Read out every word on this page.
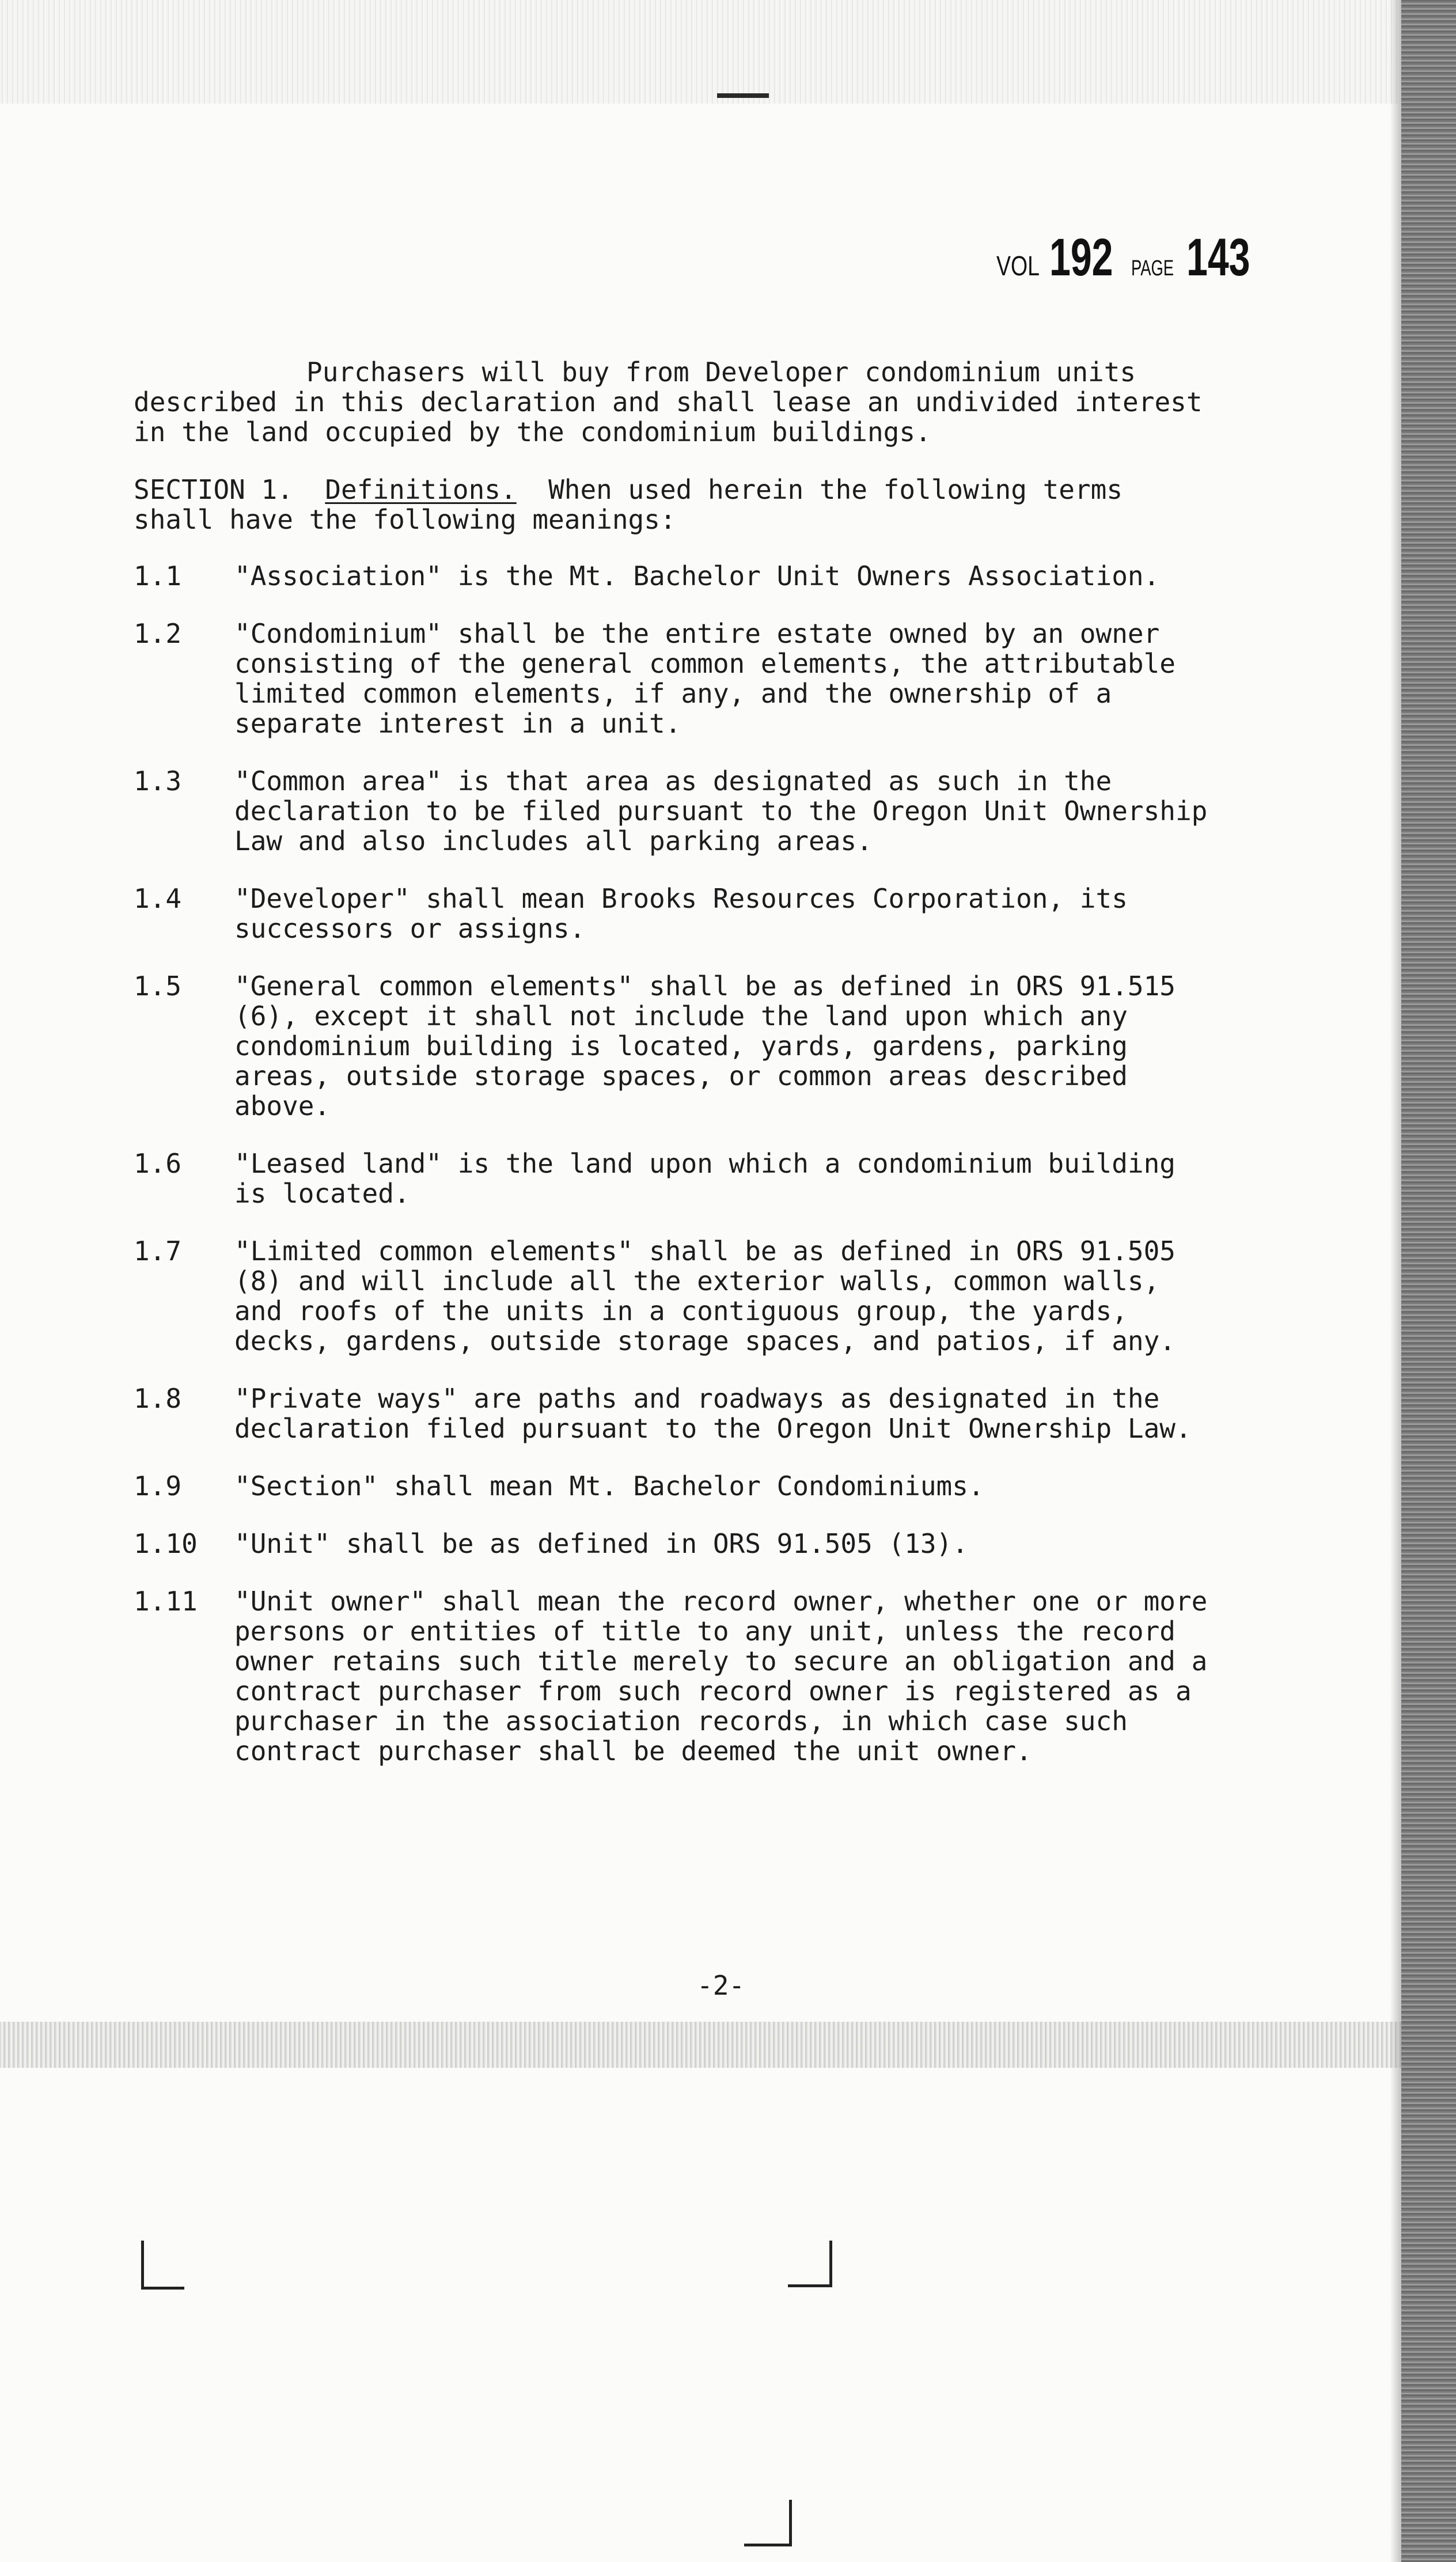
VOL 192 PAGE 143

Purchasers will buy from Developer condominium units
described in this declaration and shall lease an undivided interest
in the land occupied by the condominium buildings.

SECTION 1. Definitions. When used herein the following terms
shall have the following meanings:

1.1	"Association" is the Mt. Bachelor Unit Owners Association.
1.2	"Condominium" shall be the entire estate owned by an owner
consisting of the general common elements, the attributable
limited common elements, if any, and the ownership of a
separate interest in a unit.
1.3	"Common area" is that area as designated as such in the
declaration to be filed pursuant to the Oregon Unit Ownership
Law and also includes all parking areas.
1.4	"Developer" shall mean Brooks Resources Corporation, its
successors or assigns.
1.5	"General common elements" shall be as defined in ORS 91.515
(6), except it shall not include the land upon which any
condominium building is located, yards, gardens, parking
areas, outside storage spaces, or common areas described
above.
1.6	"Leased land" is the land upon which a condominium building
is located.
1.7	"Limited common elements" shall be as defined in ORS 91.505
(8) and will include all the exterior walls, common walls,
and roofs of the units in a contiguous group, the yards,
decks, gardens, outside storage spaces, and patios, if any.
1.8	"Private ways" are paths and roadways as designated in the
declaration filed pursuant to the Oregon Unit Ownership Law.
1.9	"Section" shall mean Mt. Bachelor Condominiums.
1.10	"Unit" shall be as defined in ORS 91.505 (13).
1.11	"Unit owner" shall mean the record owner, whether one or more
persons or entities of title to any unit, unless the record
owner retains such title merely to secure an obligation and a
contract purchaser from such record owner is registered as a
purchaser in the association records, in which case such
contract purchaser shall be deemed the unit owner.
-2-
